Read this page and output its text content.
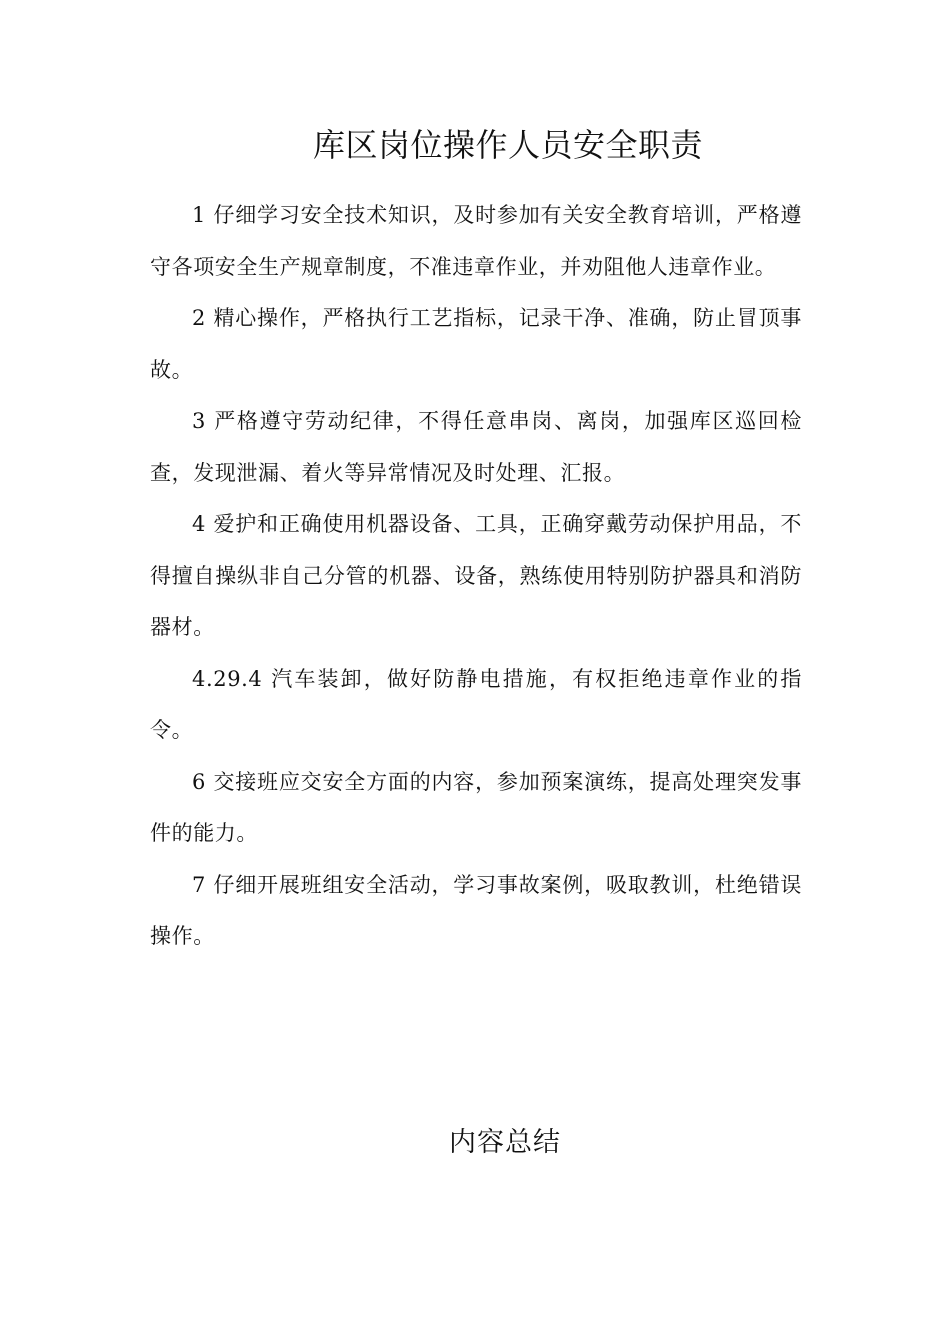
库区岗位操作人员安全职责

1 仔细学习安全技术知识，及时参加有关安全教育培训，严格遵守各项安全生产规章制度，不准违章作业，并劝阻他人违章作业。

2 精心操作，严格执行工艺指标，记录干净、准确，防止冒顶事故。

3 严格遵守劳动纪律，不得任意串岗、离岗，加强库区巡回检查，发现泄漏、着火等异常情况及时处理、汇报。

4 爱护和正确使用机器设备、工具，正确穿戴劳动保护用品，不得擅自操纵非自己分管的机器、设备，熟练使用特别防护器具和消防器材。

4.29.4 汽车装卸，做好防静电措施，有权拒绝违章作业的指令。

6 交接班应交安全方面的内容，参加预案演练，提高处理突发事件的能力。

7 仔细开展班组安全活动，学习事故案例，吸取教训，杜绝错误操作。

内容总结
